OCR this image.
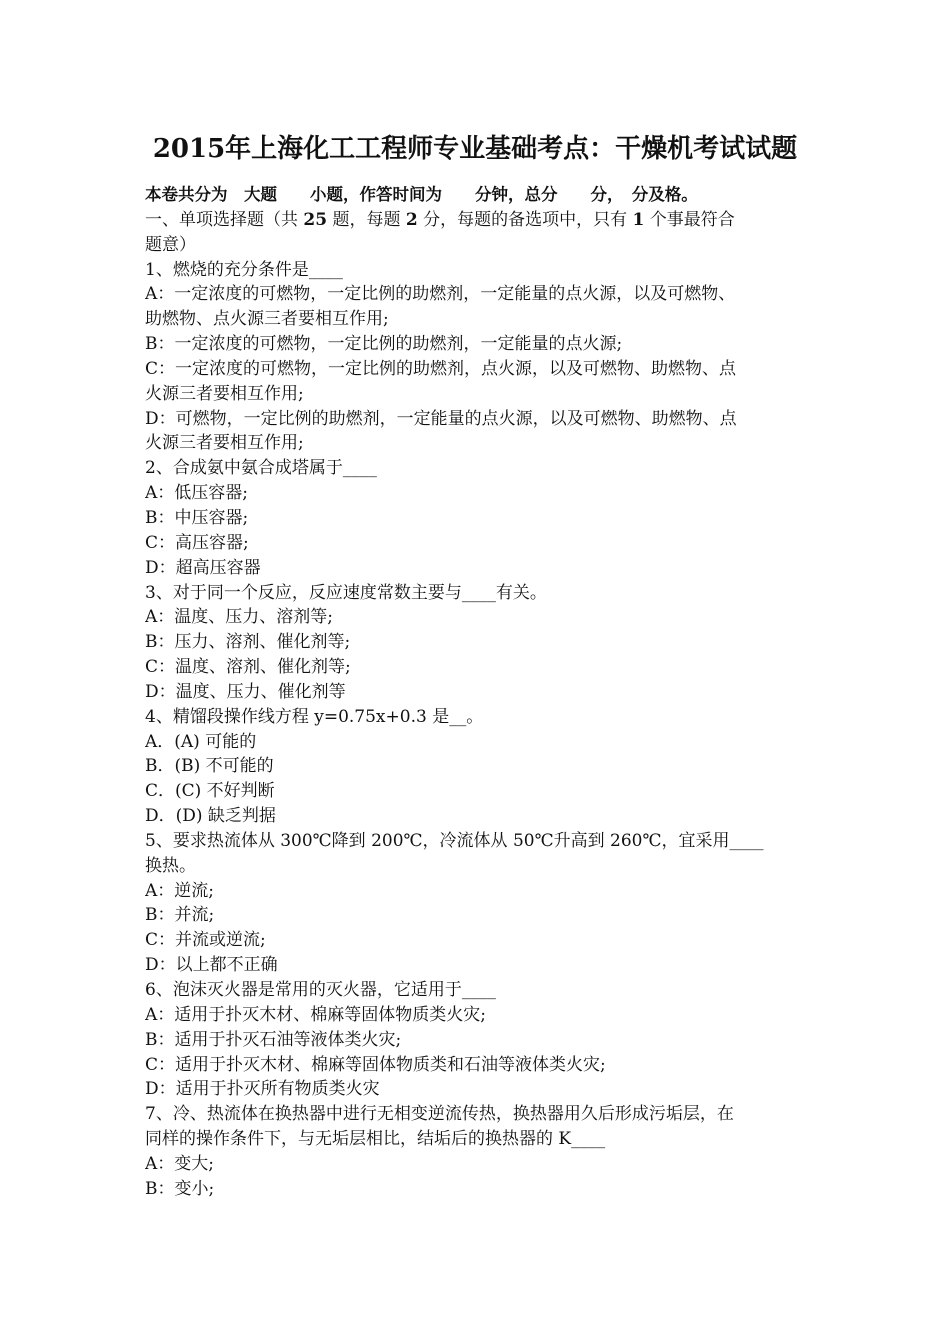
2015年上海化工工程师专业基础考点：干燥机考试试题
本卷共分为　大题　　小题，作答时间为　　分钟，总分　　分，　分及格。
一、单项选择题（共 25 题，每题 2 分，每题的备选项中，只有 1 个事最符合
题意）
1、燃烧的充分条件是____
A：一定浓度的可燃物，一定比例的助燃剂，一定能量的点火源，以及可燃物、
助燃物、点火源三者要相互作用;
B：一定浓度的可燃物，一定比例的助燃剂，一定能量的点火源;
C：一定浓度的可燃物，一定比例的助燃剂，点火源，以及可燃物、助燃物、点
火源三者要相互作用;
D：可燃物，一定比例的助燃剂，一定能量的点火源，以及可燃物、助燃物、点
火源三者要相互作用;
2、合成氨中氨合成塔属于____
A：低压容器;
B：中压容器;
C：高压容器;
D：超高压容器
3、对于同一个反应，反应速度常数主要与____有关。
A：温度、压力、溶剂等;
B：压力、溶剂、催化剂等;
C：温度、溶剂、催化剂等;
D：温度、压力、催化剂等
4、精馏段操作线方程 y=0.75x+0.3 是__。
A．(A) 可能的
B．(B) 不可能的
C．(C) 不好判断
D．(D) 缺乏判据
5、要求热流体从 300℃降到 200℃，冷流体从 50℃升高到 260℃，宜采用____
换热。
A：逆流;
B：并流;
C：并流或逆流;
D：以上都不正确
6、泡沫灭火器是常用的灭火器，它适用于____
A：适用于扑灭木材、棉麻等固体物质类火灾;
B：适用于扑灭石油等液体类火灾;
C：适用于扑灭木材、棉麻等固体物质类和石油等液体类火灾;
D：适用于扑灭所有物质类火灾
7、冷、热流体在换热器中进行无相变逆流传热，换热器用久后形成污垢层，在
同样的操作条件下，与无垢层相比，结垢后的换热器的 K____
A：变大;
B：变小;
